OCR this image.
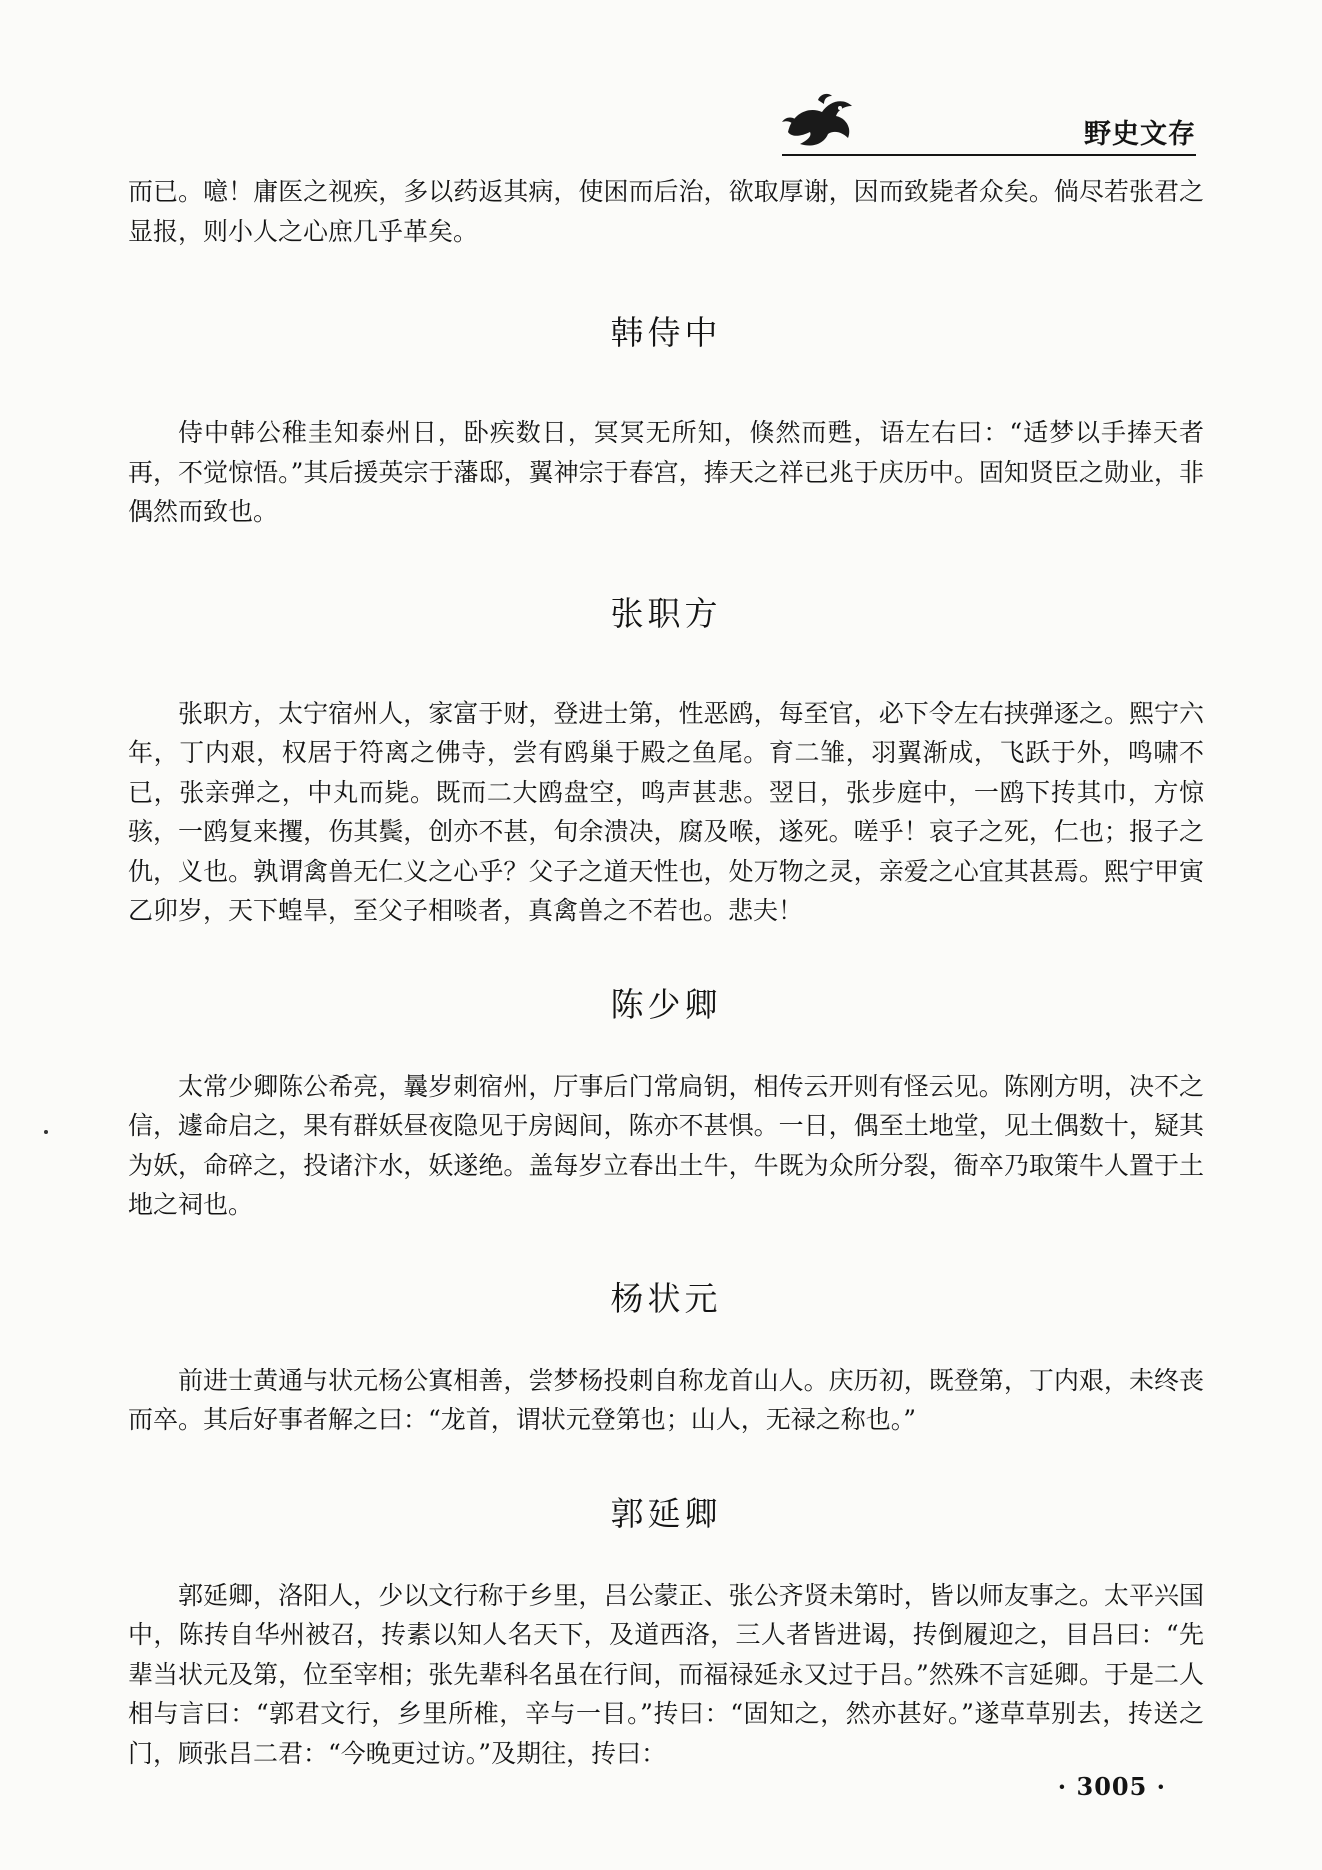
野史文存

而已。噫！庸医之视疾，多以药返其病，使困而后治，欲取厚谢，因而致毙者众矣。倘尽若张君之显报，则小人之心庶几乎革矣。

韩侍中

侍中韩公稚圭知泰州日，卧疾数日，冥冥无所知，倏然而甦，语左右曰：“适梦以手捧天者再，不觉惊悟。”其后援英宗于藩邸，翼神宗于春宫，捧天之祥已兆于庆历中。固知贤臣之勋业，非偶然而致也。

张职方

张职方，太宁宿州人，家富于财，登进士第，性恶鸥，每至官，必下令左右挟弹逐之。熙宁六年，丁内艰，权居于符离之佛寺，尝有鸥巢于殿之鱼尾。育二雏，羽翼渐成，飞跃于外，鸣啸不已，张亲弹之，中丸而毙。既而二大鸥盘空，鸣声甚悲。翌日，张步庭中，一鸥下抟其巾，方惊骇，一鸥复来攫，伤其鬓，创亦不甚，旬余溃决，腐及喉，遂死。嗟乎！哀子之死，仁也；报子之仇，义也。孰谓禽兽无仁义之心乎？父子之道天性也，处万物之灵，亲爱之心宜其甚焉。熙宁甲寅乙卯岁，天下蝗旱，至父子相啖者，真禽兽之不若也。悲夫！

陈少卿

太常少卿陈公希亮，曩岁刺宿州，厅事后门常扃钥，相传云开则有怪云见。陈刚方明，决不之信，遽命启之，果有群妖昼夜隐见于房闼间，陈亦不甚惧。一日，偶至土地堂，见土偶数十，疑其为妖，命碎之，投诸汴水，妖遂绝。盖每岁立春出土牛，牛既为众所分裂，衙卒乃取策牛人置于土地之祠也。

杨状元

前进士黄通与状元杨公寘相善，尝梦杨投刺自称龙首山人。庆历初，既登第，丁内艰，未终丧而卒。其后好事者解之曰：“龙首，谓状元登第也；山人，无禄之称也。”

郭延卿

郭延卿，洛阳人，少以文行称于乡里，吕公蒙正、张公齐贤未第时，皆以师友事之。太平兴国中，陈抟自华州被召，抟素以知人名天下，及道西洛，三人者皆进谒，抟倒履迎之，目吕曰：“先辈当状元及第，位至宰相；张先辈科名虽在行间，而福禄延永又过于吕。”然殊不言延卿。于是二人相与言曰：“郭君文行，乡里所椎，辛与一目。”抟曰：“固知之，然亦甚好。”遂草草别去，抟送之门，顾张吕二君：“今晚更过访。”及期往，抟曰：

· 3005 ·
